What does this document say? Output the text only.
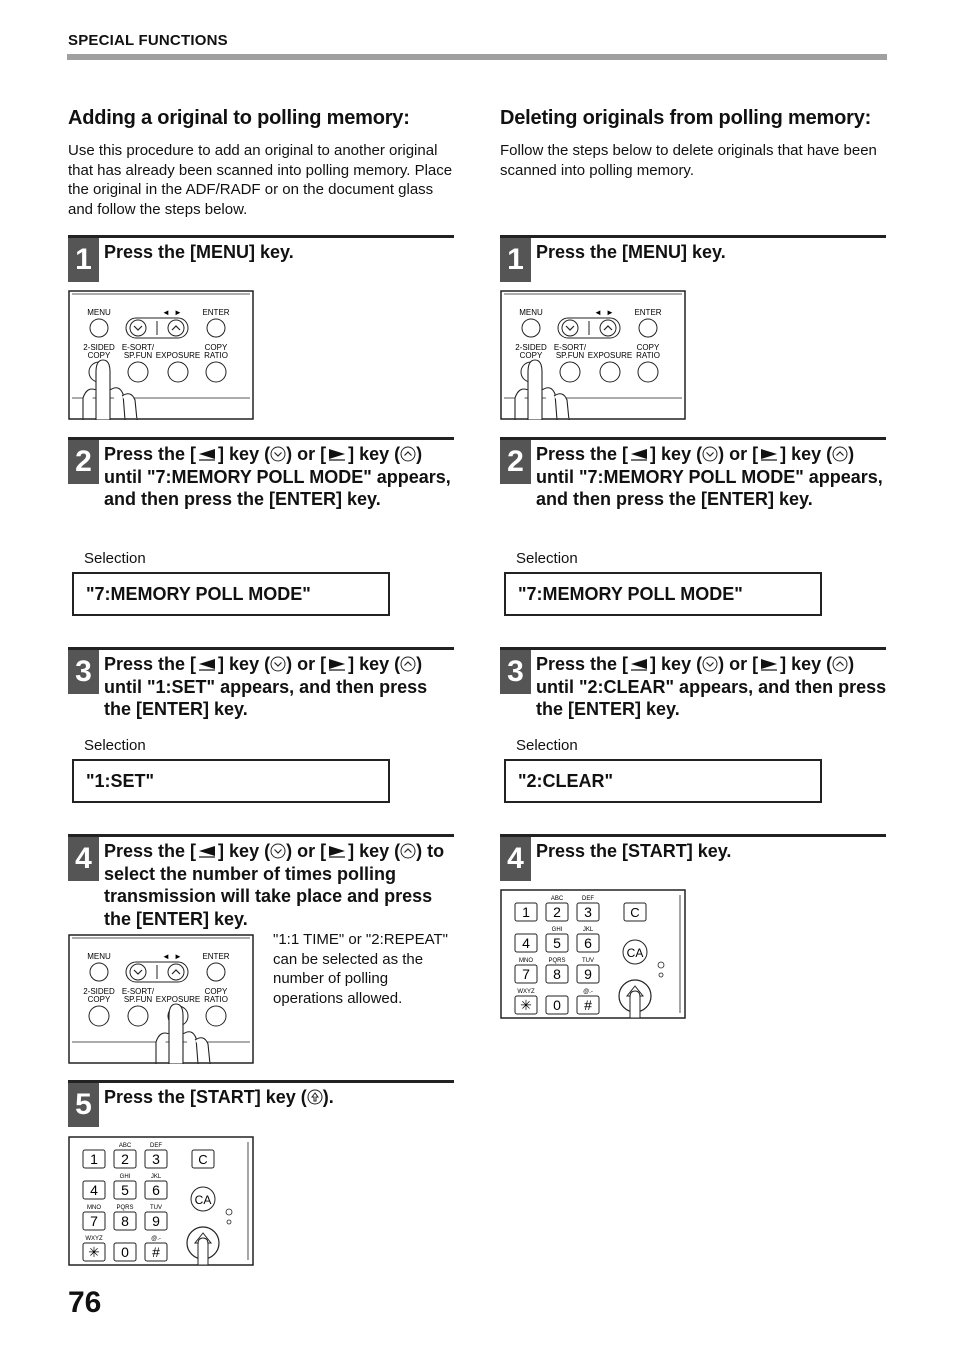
SPECIAL FUNCTIONS
Adding a original to polling memory:
Use this procedure to add an original to another original that has already been scanned into polling memory. Place the original in the ADF/RADF or on the document glass and follow the steps below.
1 Press the [MENU] key.
MENU	◄ ►	ENTER
2-SIDED
COPY
E-SORT/
SP.FUN EXPOSURE
COPY
RATIO
2 Press the [ ] key ( ) or [ ] key ( ) until "7:MEMORY POLL MODE" appears, and then press the [ENTER] key.
Selection
"7:MEMORY POLL MODE"
3 Press the [ ] key ( ) or [ ] key ( ) until "1:SET" appears, and then press the [ENTER] key.
Selection
"1:SET"
4 Press the [ ] key ( ) or [ ] key ( ) to select the number of times polling transmission will take place and press the [ENTER] key.
MENU	◄ ►	ENTER
2-SIDED
COPY
E-SORT/
SP.FUN EXPOSURE
COPY
RATIO
"1:1 TIME" or "2:REPEAT" can be selected as the number of polling operations allowed.
5 Press the [START] key ( ).
1 2
ABC
3
DEF
4 5
GHI
6
JKL
7
MNO
8
PQRS
9
TUV
✳
WXYZ
0 #
@.-
C
CA
Deleting originals from polling memory:
Follow the steps below to delete originals that have been scanned into polling memory.
1 Press the [MENU] key.
MENU	◄ ►	ENTER
2-SIDED
COPY
E-SORT/
SP.FUN EXPOSURE
COPY
RATIO
2 Press the [ ] key ( ) or [ ] key ( ) until "7:MEMORY POLL MODE" appears, and then press the [ENTER] key.
Selection
"7:MEMORY POLL MODE"
3 Press the [ ] key ( ) or [ ] key ( ) until "2:CLEAR" appears, and then press the [ENTER] key.
Selection
"2:CLEAR"
4 Press the [START] key.
1 2
ABC
3
DEF
4 5
GHI
6
JKL
7
MNO
8
PQRS
9
TUV
✳
WXYZ
0 #
@.-
C
CA
76
